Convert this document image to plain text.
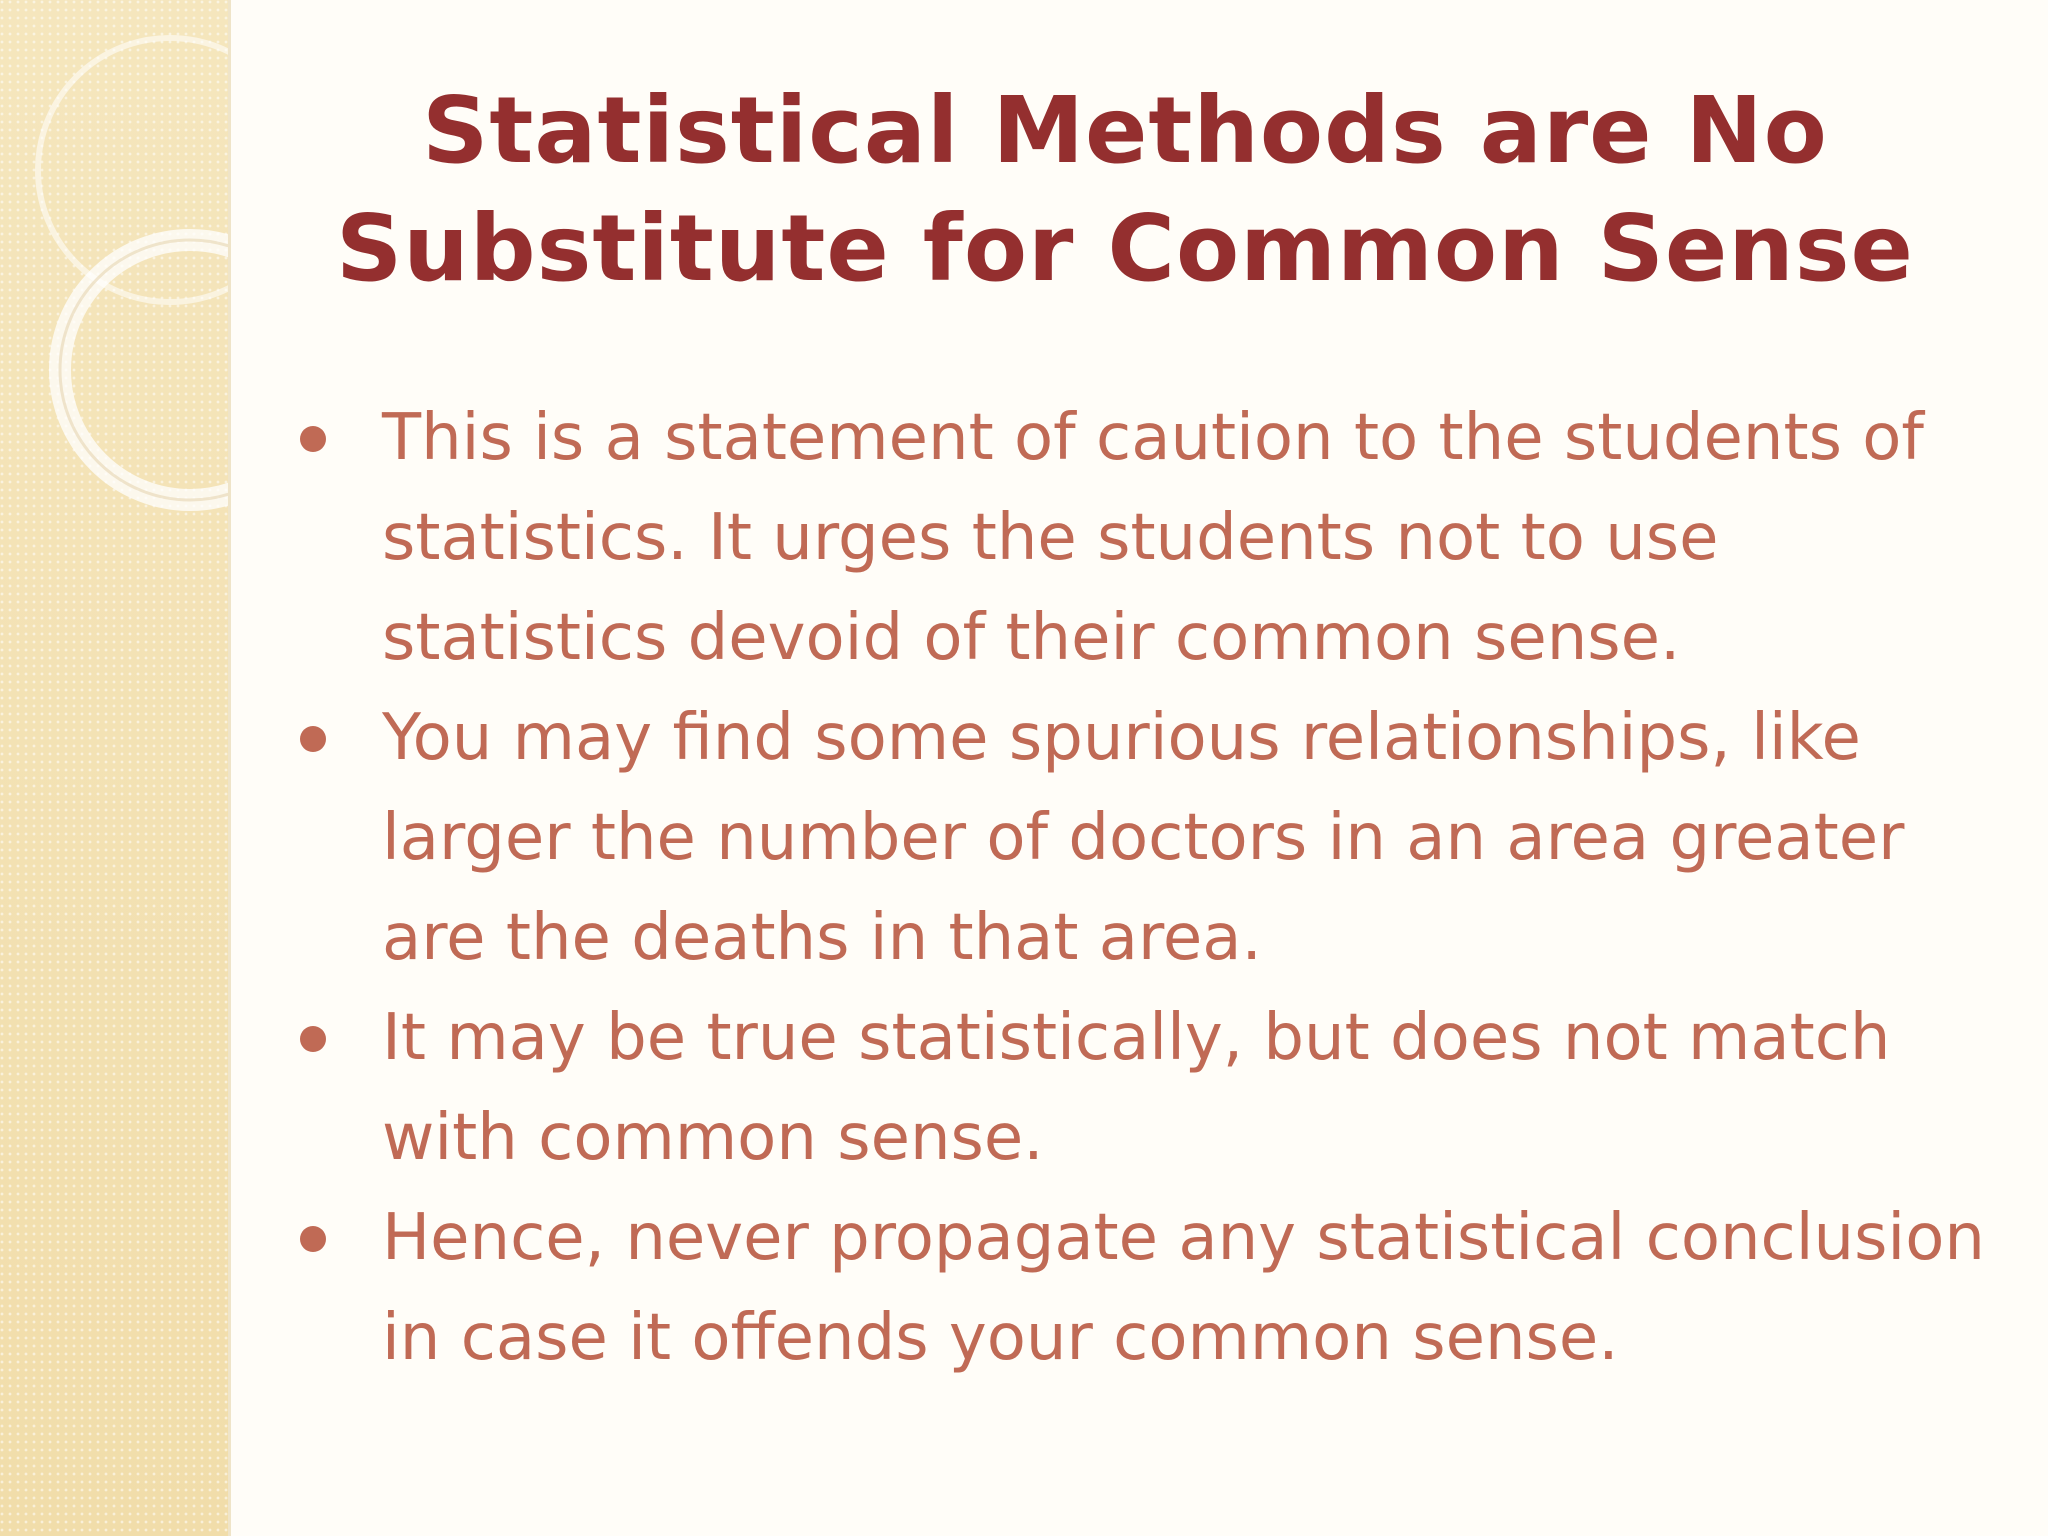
Statistical Methods are No
Substitute for Common Sense
This is a statement of caution to the students of statistics. It urges the students not to use statistics devoid of their common sense.
You may find some spurious relationships, like larger the number of doctors in an area greater are the deaths in that area.
It may be true statistically, but does not match with common sense.
Hence, never propagate any statistical conclusion in case it offends your common sense.
